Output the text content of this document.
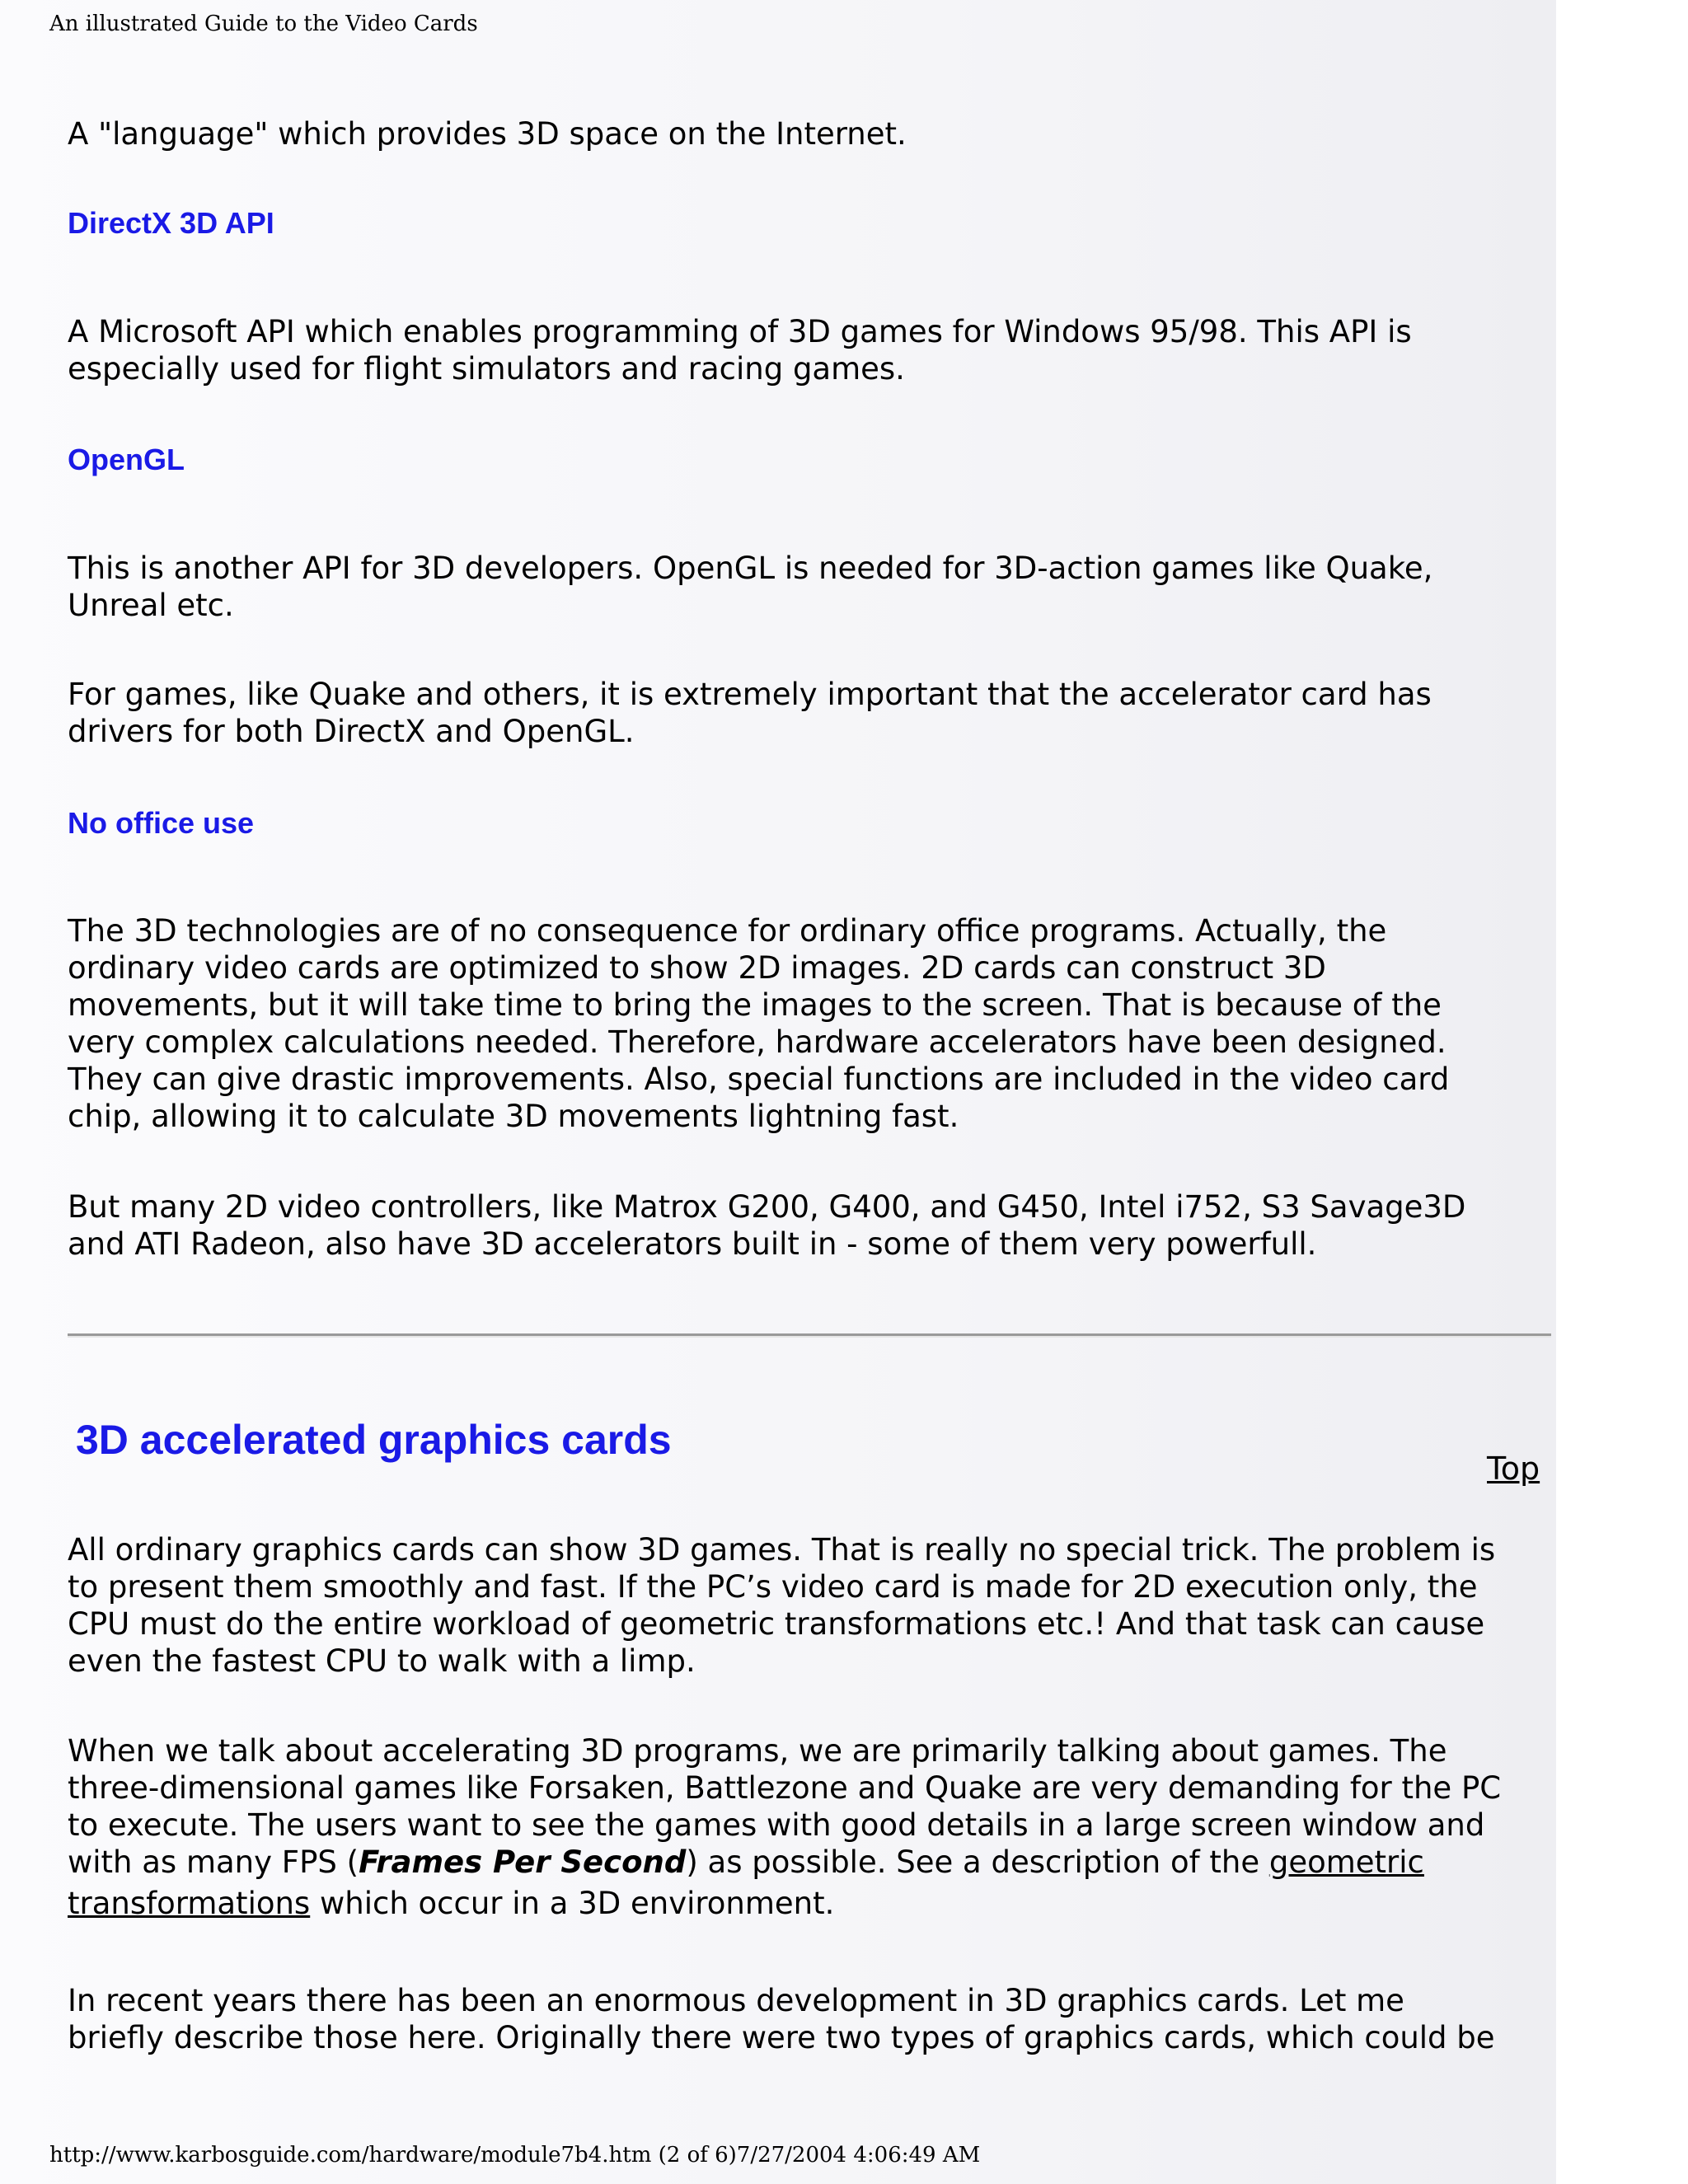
An illustrated Guide to the Video Cards

A "language" which provides 3D space on the Internet.

DirectX 3D API

A Microsoft API which enables programming of 3D games for Windows 95/98. This API is

especially used for flight simulators and racing games.

OpenGL

This is another API for 3D developers. OpenGL is needed for 3D-action games like Quake,

Unreal etc.

For games, like Quake and others, it is extremely important that the accelerator card has

drivers for both DirectX and OpenGL.

No office use

The 3D technologies are of no consequence for ordinary office programs. Actually, the

ordinary video cards are optimized to show 2D images. 2D cards can construct 3D

movements, but it will take time to bring the images to the screen. That is because of the

very complex calculations needed. Therefore, hardware accelerators have been designed.

They can give drastic improvements. Also, special functions are included in the video card

chip, allowing it to calculate 3D movements lightning fast.

But many 2D video controllers, like Matrox G200, G400, and G450, Intel i752, S3 Savage3D

and ATI Radeon, also have 3D accelerators built in - some of them very powerfull.

3D accelerated graphics cards

Top

All ordinary graphics cards can show 3D games. That is really no special trick. The problem is

to present them smoothly and fast. If the PC’s video card is made for 2D execution only, the

CPU must do the entire workload of geometric transformations etc.! And that task can cause

even the fastest CPU to walk with a limp.

When we talk about accelerating 3D programs, we are primarily talking about games. The

three-dimensional games like Forsaken, Battlezone and Quake are very demanding for the PC

to execute. The users want to see the games with good details in a large screen window and

with as many FPS (Frames Per Second) as possible. See a description of the geometric

transformations which occur in a 3D environment.

In recent years there has been an enormous development in 3D graphics cards. Let me

briefly describe those here. Originally there were two types of graphics cards, which could be

http://www.karbosguide.com/hardware/module7b4.htm (2 of 6)7/27/2004 4:06:49 AM
